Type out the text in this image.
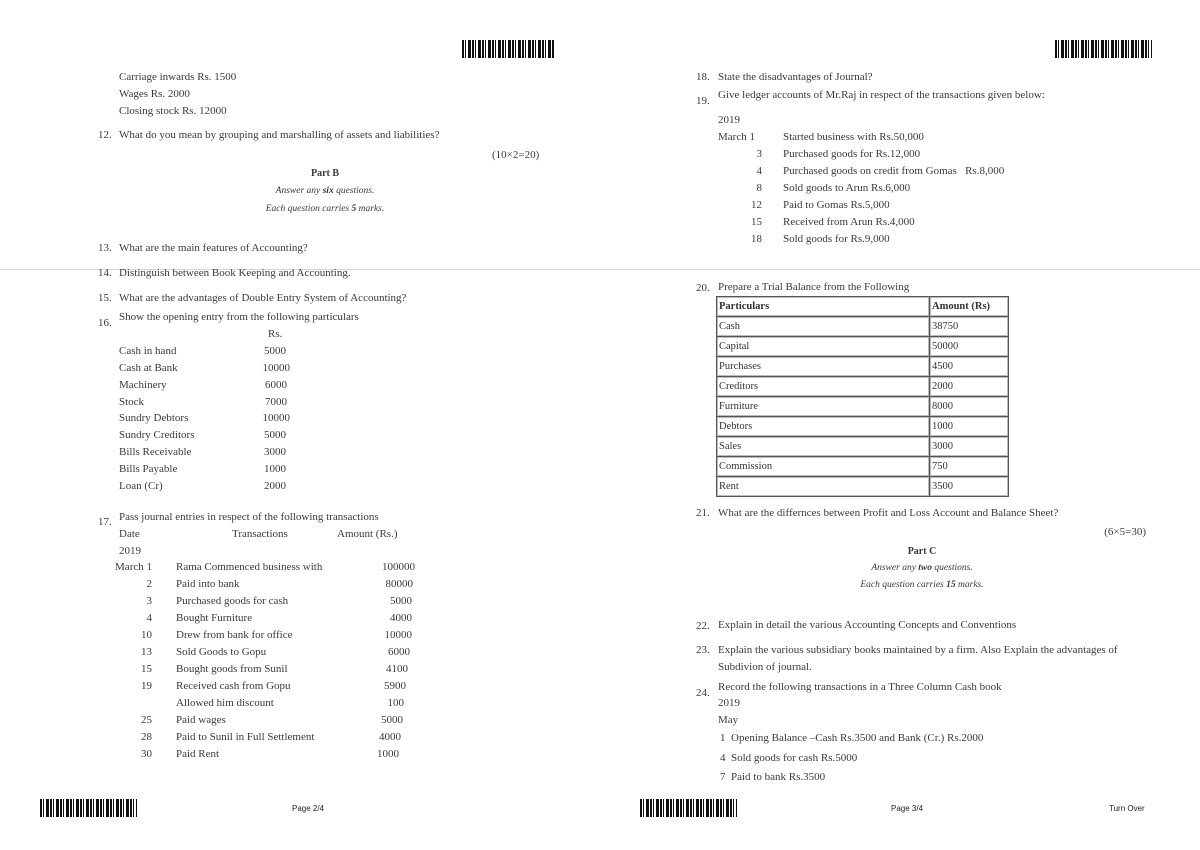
Carriage inwards Rs. 1500
Wages Rs. 2000
Closing stock Rs. 12000
12. What do you mean by grouping and marshalling of assets and liabilities?
(10×2=20)
Part B
Answer any six questions.
Each question carries 5 marks.
13. What are the main features of Accounting?
14. Distinguish between Book Keeping and Accounting.
15. What are the advantages of Double Entry System of Accounting?
16. Show the opening entry from the following particulars
Rs.
Cash in hand	5000
Cash at Bank	10000
Machinery	6000
Stock	7000
Sundry Debtors	10000
Sundry Creditors	5000
Bills Receivable	3000
Bills Payable	1000
Loan (Cr)	2000
17. Pass journal entries in respect of the following transactions
Date	Transactions	Amount (Rs.)
2019
March 1 Rama Commenced business with	100000
2 Paid into bank	80000
3 Purchased goods for cash	5000
4 Bought Furniture	4000
10 Drew from bank for office	10000
13 Sold Goods to Gopu	6000
15 Bought goods from Sunil	4100
19 Received cash from Gopu	5900
Allowed him discount	100
25 Paid wages	5000
28 Paid to Sunil in Full Settlement	4000
30 Paid Rent	1000
Page 2/4
18. State the disadvantages of Journal?
19. Give ledger accounts of Mr.Raj in respect of the transactions given below:
2019
March 1	Started business with Rs.50,000
3 Purchased goods for Rs.12,000
4 Purchased goods on credit from Gomas   Rs.8,000
8 Sold goods to Arun Rs.6,000
12 Paid to Gomas Rs.5,000
15 Received from Arun Rs.4,000
18 Sold goods for Rs.9,000
20. Prepare a Trial Balance from the Following
Particulars	Amount (Rs)
Cash	38750
Capital	50000
Purchases	4500
Creditors	2000
Furniture	8000
Debtors	1000
Sales	3000
Commission	750
Rent	3500
21. What are the differnces between Profit and Loss Account and Balance Sheet?
(6×5=30)
Part C
Answer any two questions.
Each question carries 15 marks.
22. Explain in detail the various Accounting Concepts and Conventions
23. Explain the various subsidiary books maintained by a firm. Also Explain the advantages of
Subdivion of journal.
24. Record the following transactions in a Three Column Cash book
2019
May
1  Opening Balance –Cash Rs.3500 and Bank (Cr.) Rs.2000
4  Sold goods for cash Rs.5000
7  Paid to bank Rs.3500
Page 3/4	Turn Over
